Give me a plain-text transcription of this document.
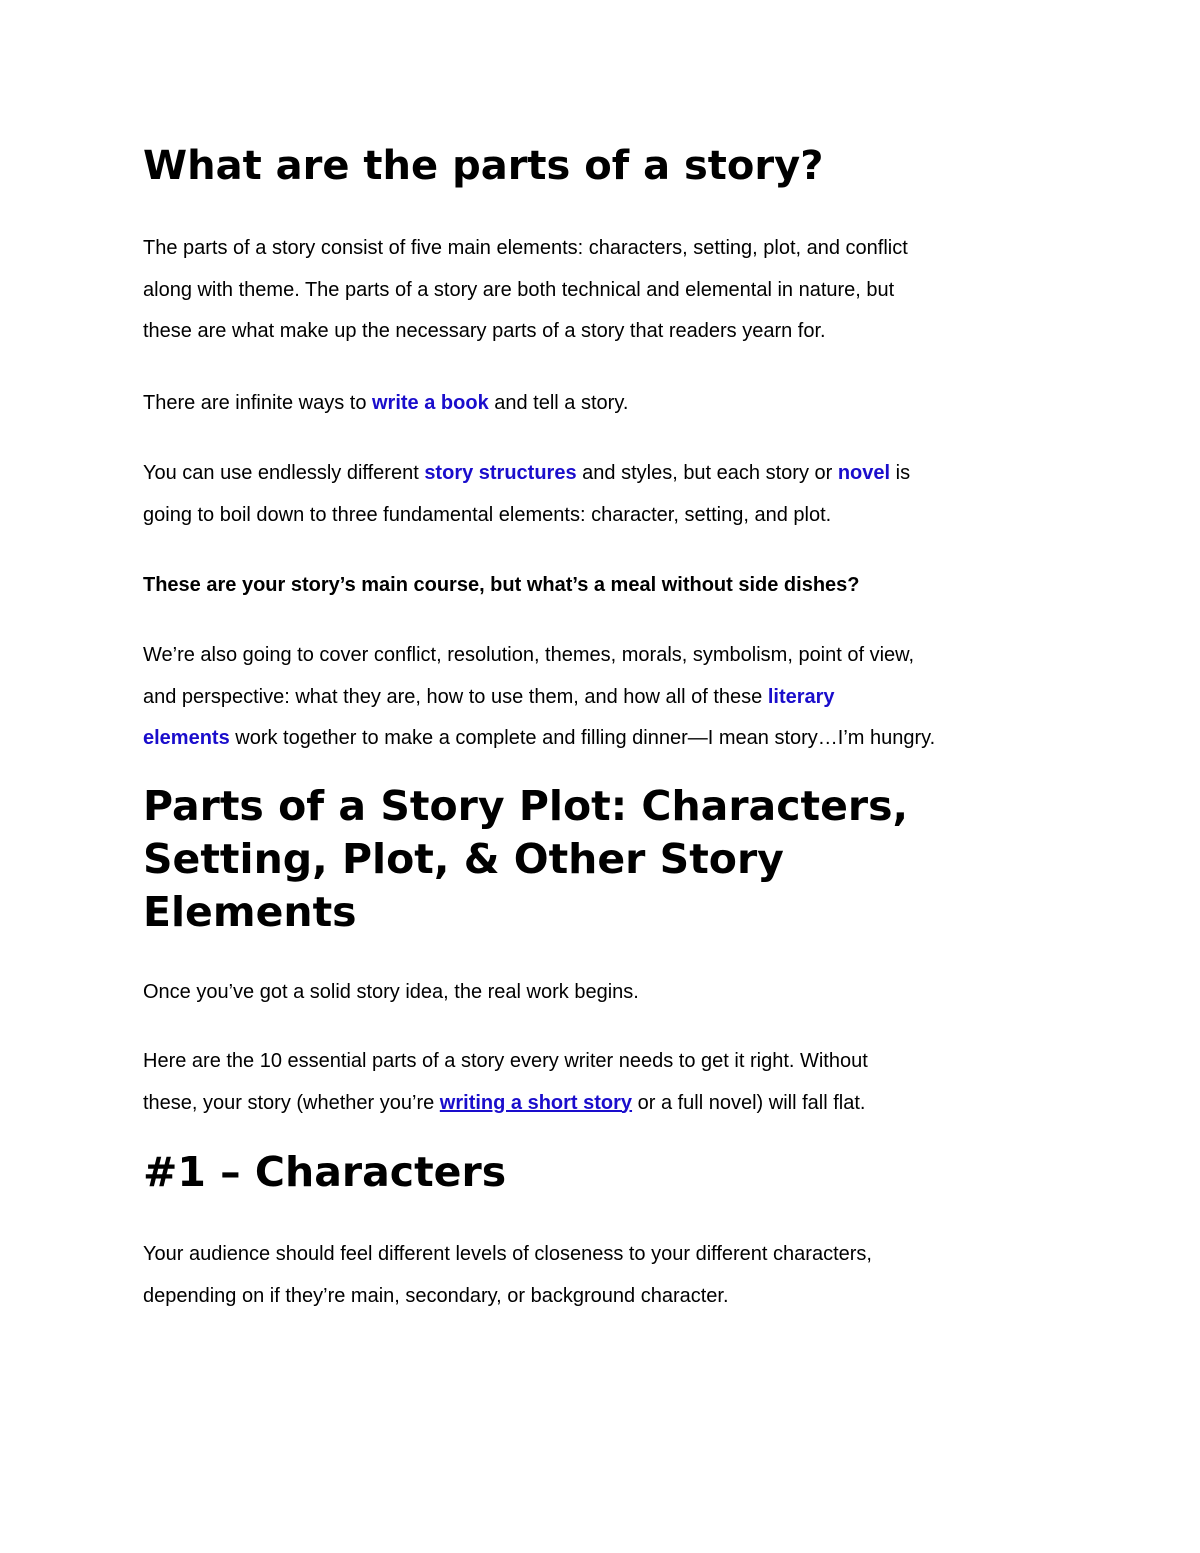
What are the parts of a story?
The parts of a story consist of five main elements: characters, setting, plot, and conflict
along with theme. The parts of a story are both technical and elemental in nature, but
these are what make up the necessary parts of a story that readers yearn for.
There are infinite ways to write a book and tell a story.
You can use endlessly different story structures and styles, but each story or novel is
going to boil down to three fundamental elements: character, setting, and plot.
These are your story’s main course, but what’s a meal without side dishes?
We’re also going to cover conflict, resolution, themes, morals, symbolism, point of view,
and perspective: what they are, how to use them, and how all of these literary
elements work together to make a complete and filling dinner—I mean story…I’m hungry.
Parts of a Story Plot: Characters,
Setting, Plot, & Other Story
Elements
Once you’ve got a solid story idea, the real work begins.
Here are the 10 essential parts of a story every writer needs to get it right. Without
these, your story (whether you’re writing a short story or a full novel) will fall flat.
#1 – Characters
Your audience should feel different levels of closeness to your different characters,
depending on if they’re main, secondary, or background character.
